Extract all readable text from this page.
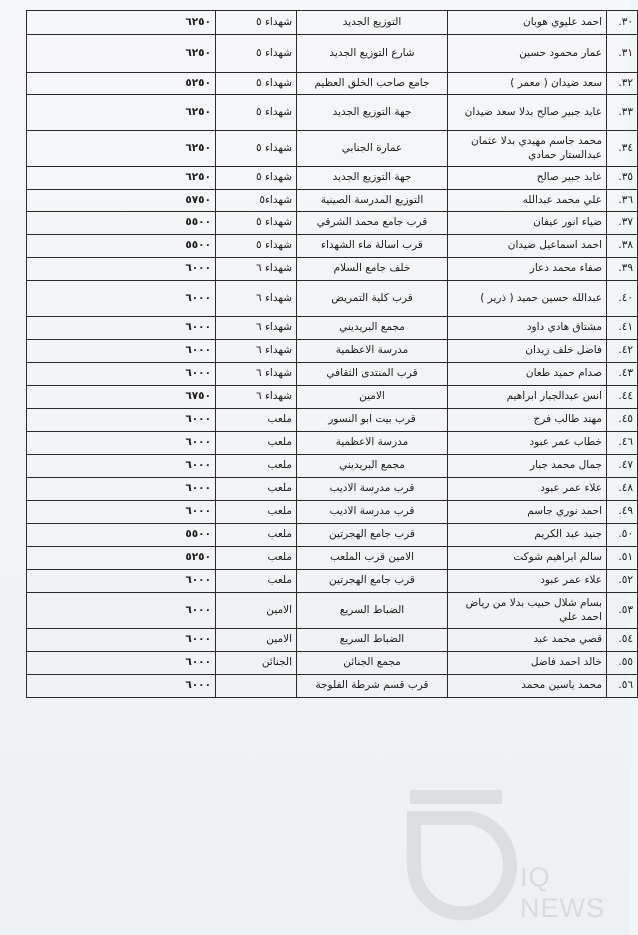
٣٠.	احمد عليوي هوبان	التوزيع الجديد	شهداء ٥	٦٢٥٠
٣١.	عمار محمود حسين	شارع التوزيع الجديد	شهداء ٥	٦٢٥٠
٣٢.	سعد ضيدان ( معمر )	جامع صاحب الخلق العظيم	شهداء ٥	٥٢٥٠
٣٣.	عابد جبير صالح بدلا سعد ضيدان	جهة التوزيع الجديد	شهداء ٥	٦٢٥٠
٣٤.	محمد جاسم مهيدي بدلا عثمان عبدالستار حمادي	عمارة الجنابي	شهداء ٥	٦٢٥٠
٣٥.	عابد جبير صالح	جهة التوزيع الجديد	شهداء ٥	٦٢٥٠
٣٦.	علي محمد عبدالله	التوزيع المدرسة الصينية	شهداء٥	٥٧٥٠
٣٧.	ضياء انور عيفان	قرب جامع محمد الشرقي	شهداء ٥	٥٥٠٠
٣٨.	احمد اسماعيل ضيدان	قرب اسالة ماء الشهداء	شهداء ٥	٥٥٠٠
٣٩.	صفاء محمد دعار	خلف جامع السلام	شهداء ٦	٦٠٠٠
٤٠.	عبدالله حسين حميد ( ذرير )	قرب كلية التمريض	شهداء ٦	٦٠٠٠
٤١.	مشتاق هادي داود	مجمع البريديني	شهداء ٦	٦٠٠٠
٤٢.	فاضل خلف زيدان	مدرسة الاعظمية	شهداء ٦	٦٠٠٠
٤٣.	صدام حميد طعان	قرب المنتدى الثقافي	شهداء ٦	٦٠٠٠
٤٤.	انس عبدالجبار ابراهيم	الامين	شهداء ٦	٦٧٥٠
٤٥.	مهند طالب فرج	قرب بيت ابو النسور	ملعب	٦٠٠٠
٤٦.	خطاب عمر عبود	مدرسة الاعظمية	ملعب	٦٠٠٠
٤٧.	جمال محمد جبار	مجمع البريديني	ملعب	٦٠٠٠
٤٨.	علاء عمر عبود	قرب مدرسة الاديب	ملعب	٦٠٠٠
٤٩.	احمد نوري جاسم	قرب مدرسة الاديب	ملعب	٦٠٠٠
٥٠.	جنيد عبد الكريم	قرب جامع الهجرتين	ملعب	٥٥٠٠
٥١.	سالم ابراهيم شوكت	الامين قرب الملعب	ملعب	٥٢٥٠
٥٢.	علاء عمر عبود	قرب جامع الهجرتين	ملعب	٦٠٠٠
٥٣.	بسام شلال حبيب بدلا من رياض احمد علي	الضباط السريع	الامين	٦٠٠٠
٥٤.	قصي محمد عبد	الضباط السريع	الامين	٦٠٠٠
٥٥.	خالد احمد فاضل	مجمع الجنائن	الجنائن	٦٠٠٠
٥٦.	محمد ياسين محمد	قرب قسم شرطة الفلوجة		٦٠٠٠
IQ NEWS
